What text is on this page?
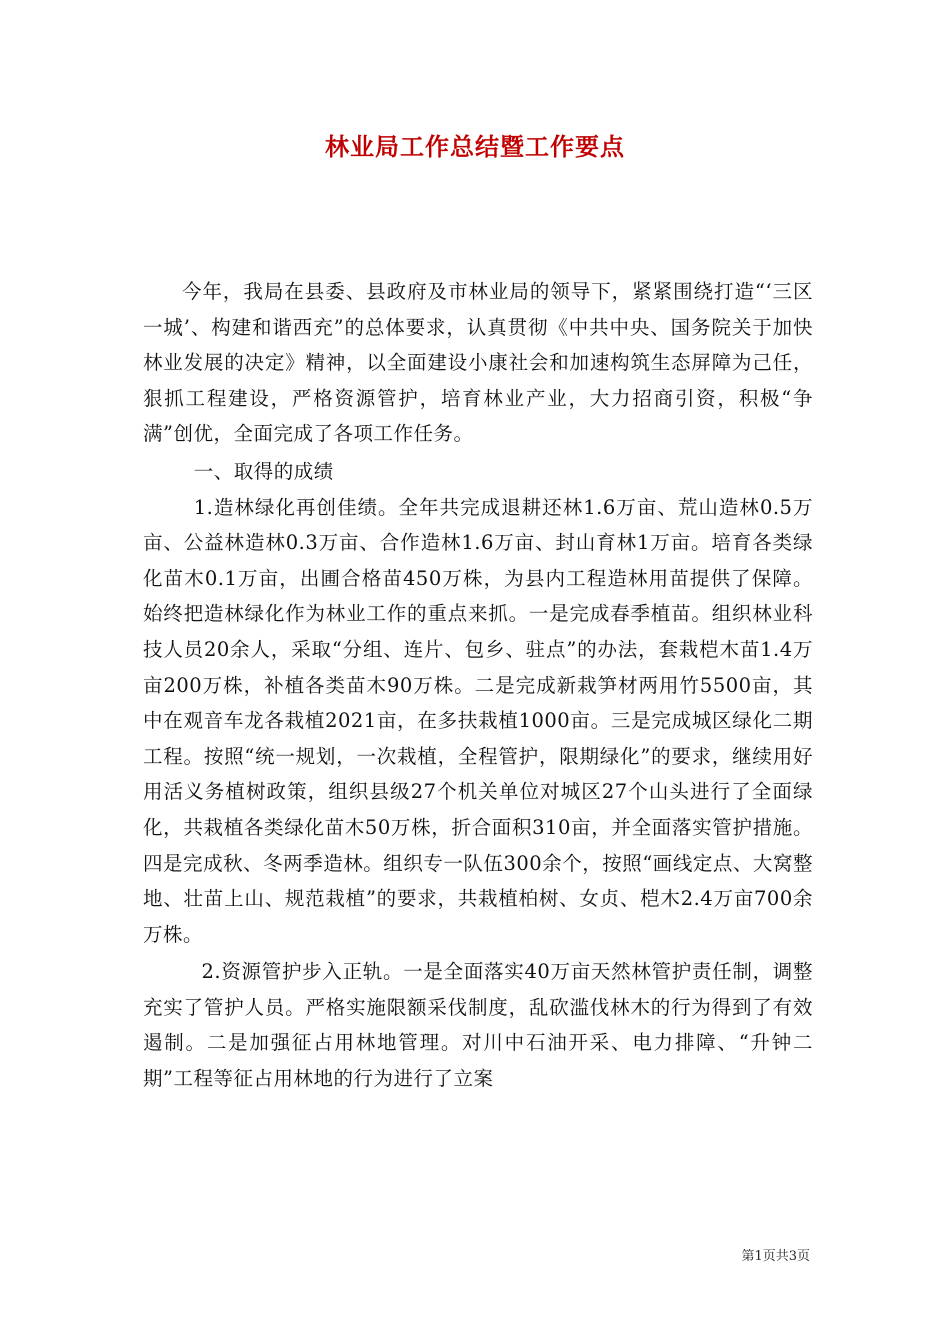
林业局工作总结暨工作要点

今年，我局在县委、县政府及市林业局的领导下，紧紧围绕打造“‘三区一城’、构建和谐西充”的总体要求，认真贯彻《中共中央、国务院关于加快林业发展的决定》精神，以全面建设小康社会和加速构筑生态屏障为己任，狠抓工程建设，严格资源管护，培育林业产业，大力招商引资，积极“争满”创优，全面完成了各项工作任务。

一、取得的成绩

1.造林绿化再创佳绩。全年共完成退耕还林1.6万亩、荒山造林0.5万亩、公益林造林0.3万亩、合作造林1.6万亩、封山育林1万亩。培育各类绿化苗木0.1万亩，出圃合格苗450万株，为县内工程造林用苗提供了保障。始终把造林绿化作为林业工作的重点来抓。一是完成春季植苗。组织林业科技人员20余人，采取“分组、连片、包乡、驻点”的办法，套栽桤木苗1.4万亩200万株，补植各类苗木90万株。二是完成新栽笋材两用竹5500亩，其中在观音车龙各栽植2021亩，在多扶栽植1000亩。三是完成城区绿化二期工程。按照“统一规划，一次栽植，全程管护，限期绿化”的要求，继续用好用活义务植树政策，组织县级27个机关单位对城区27个山头进行了全面绿化，共栽植各类绿化苗木50万株，折合面积310亩，并全面落实管护措施。四是完成秋、冬两季造林。组织专一队伍300余个，按照“画线定点、大窝整地、壮苗上山、规范栽植”的要求，共栽植柏树、女贞、桤木2.4万亩700余万株。

2.资源管护步入正轨。一是全面落实40万亩天然林管护责任制，调整充实了管护人员。严格实施限额采伐制度，乱砍滥伐林木的行为得到了有效遏制。二是加强征占用林地管理。对川中石油开采、电力排障、“升钟二期”工程等征占用林地的行为进行了立案

第1页共3页
